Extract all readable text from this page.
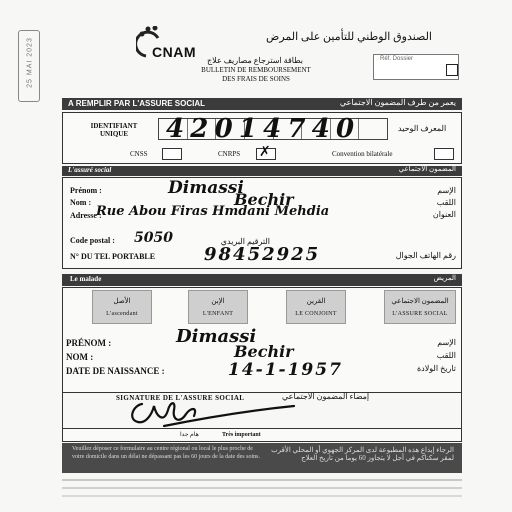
25 MAI 2023	CNAM
الصندوق الوطني للتأمين على المرض
بطاقة استرجاع مصاريف علاج
BULLETIN DE REMBOURSEMENT
DES FRAIS DE SOINS
Réf. Dossier
A REMPLIR PAR L'ASSURE SOCIAL	يعمر من طرف المضمون الاجتماعي
IDENTIFIANT
UNIQUE	42014740	المعرف الوحيد
CNSS	CNRPS ✗	Convention bilatérale
L'assuré social	المضمون الاجتماعي
Prénom :	Dimassi	الإسم
Nom :	Bechir	اللقب
Adresse :
Rue Abou Firas Hmdani Mehdia	العنوان
Code postal : 5050	الترقيم البريدي
N° DU TEL PORTABLE	98452925	رقم الهاتف الجوال
Le malade	المريض
الأصل
L'ascendant
الإبن
L'ENFANT
القرين
LE CONJOINT
المضمون الاجتماعي
L'ASSURE SOCIAL
PRÉNOM :	Dimassi	الإسم
NOM :	Bechir	اللقب
DATE DE NAISSANCE :	14-1-1957	تاريخ الولادة
SIGNATURE DE L'ASSURE SOCIAL	إمضاء المضمون الاجتماعي
Très important
هام جدا
Veuillez déposer ce formulaire au centre régional ou local le plus proche de votre domicile dans un délai ne dépassant pas les 60 jours de la date des soins.
الرجاء إيداع هذه المطبوعة لدى المركز الجهوي أو المحلي الأقرب لمقر سكناكم في أجل لا يتجاوز 60 يوما من تاريخ العلاج
